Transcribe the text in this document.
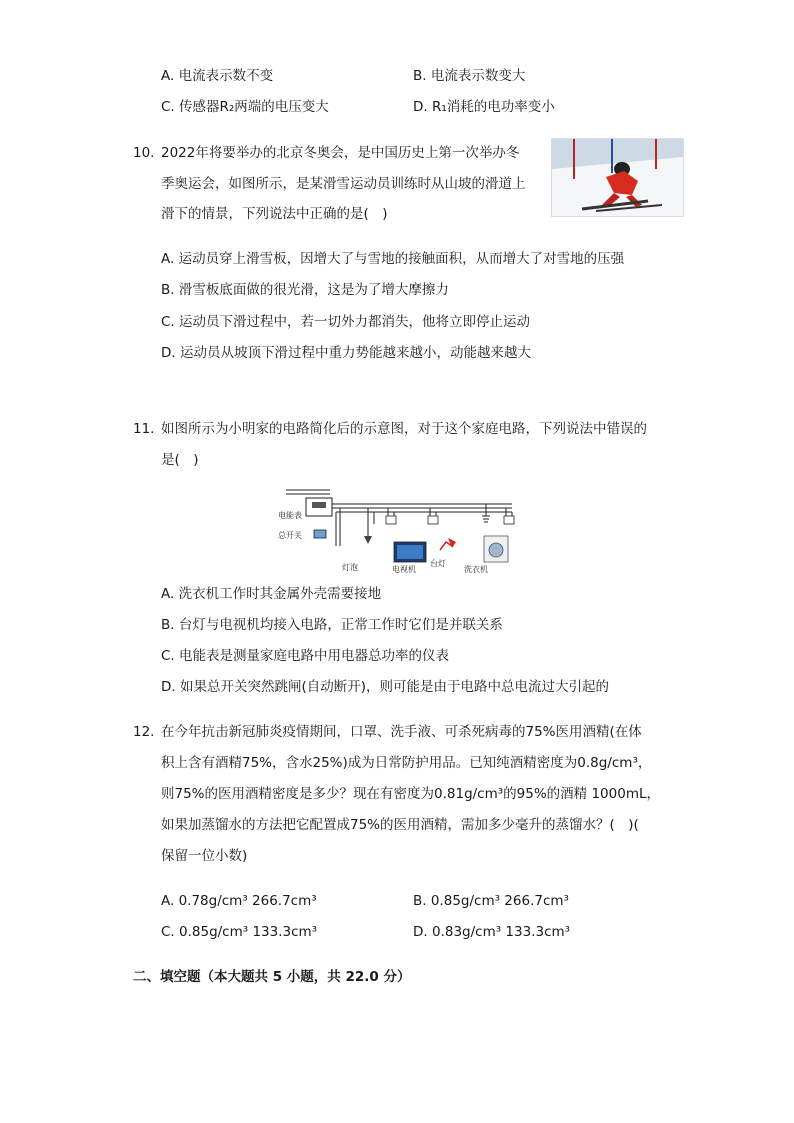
A. 电流表示数不变	B. 电流表示数变大
C. 传感器R₂两端的电压变大	D. R₁消耗的电功率变小
10. 2022年将要举办的北京冬奥会，是中国历史上第一次举办冬
季奥运会，如图所示，是某滑雪运动员训练时从山坡的滑道上
滑下的情景，下列说法中正确的是(　)
A. 运动员穿上滑雪板，因增大了与雪地的接触面积，从而增大了对雪地的压强
B. 滑雪板底面做的很光滑，这是为了增大摩擦力
C. 运动员下滑过程中，若一切外力都消失，他将立即停止运动
D. 运动员从坡顶下滑过程中重力势能越来越小，动能越来越大
11. 如图所示为小明家的电路简化后的示意图，对于这个家庭电路，下列说法中错误的
是(　)
电能表
总开关
灯泡	电视机
台灯
洗衣机
A. 洗衣机工作时其金属外壳需要接地
B. 台灯与电视机均接入电路，正常工作时它们是并联关系
C. 电能表是测量家庭电路中用电器总功率的仪表
D. 如果总开关突然跳闸(自动断开)，则可能是由于电路中总电流过大引起的
12. 在今年抗击新冠肺炎疫情期间，口罩、洗手液、可杀死病毒的75%医用酒精(在体
积上含有酒精75%，含水25%)成为日常防护用品。已知纯酒精密度为0.8g/cm³，
则75%的医用酒精密度是多少？现在有密度为0.81g/cm³的95%的酒精 1000mL，
如果加蒸馏水的方法把它配置成75%的医用酒精，需加多少毫升的蒸馏水？(　)(
保留一位小数)
A. 0.78g/cm³ 266.7cm³	B. 0.85g/cm³ 266.7cm³
C. 0.85g/cm³ 133.3cm³	D. 0.83g/cm³ 133.3cm³
二、填空题（本大题共 5 小题，共 22.0 分）
